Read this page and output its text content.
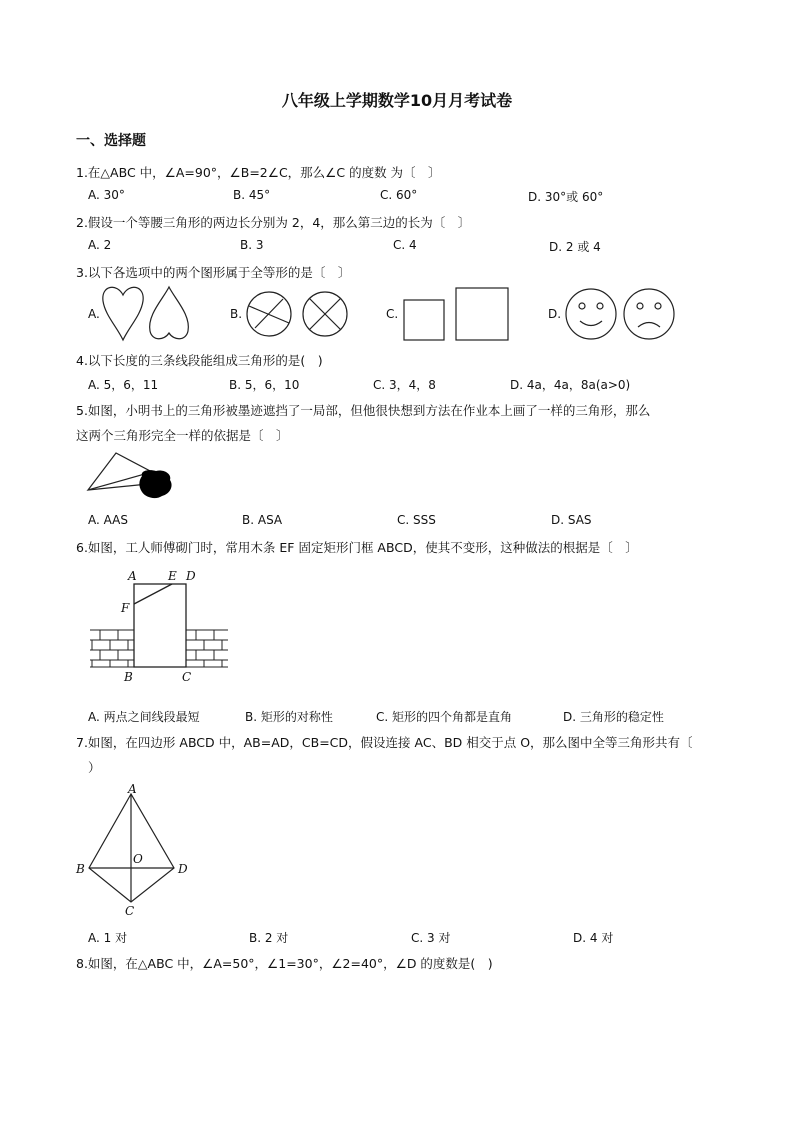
八年级上学期数学10月月考试卷
一、选择题
1.在△ABC 中，∠A=90°，∠B=2∠C，那么∠C 的度数 为〔　〕
A. 30°	B. 45°	C. 60°	D. 30°或 60°
2.假设一个等腰三角形的两边长分别为 2，4，那么第三边的长为〔　〕
A. 2	B. 3	C. 4	D. 2 或 4
3.以下各选项中的两个图形属于全等形的是〔　〕
A.	B.	C.	D.
4.以下长度的三条线段能组成三角形的是(　)
A. 5，6，11	B. 5，6，10	C. 3，4，8	D. 4a，4a，8a(a>0)
5.如图，小明书上的三角形被墨迹遮挡了一局部，但他很快想到方法在作业本上画了一样的三角形，那么
这两个三角形完全一样的依据是〔　〕
A. AAS	B. ASA	C. SSS	D. SAS
6.如图，工人师傅砌门时，常用木条 EF 固定矩形门框 ABCD，使其不变形，这种做法的根据是〔　〕
A	E D
F
B	C
A. 两点之间线段最短	B. 矩形的对称性	C. 矩形的四个角都是直角	D. 三角形的稳定性
7.如图，在四边形 ABCD 中，AB=AD，CB=CD，假设连接 AC、BD 相交于点 O，那么图中全等三角形共有〔
）
A
B	D
O
C
A. 1 对	B. 2 对	C. 3 对	D. 4 对
8.如图，在△ABC 中，∠A=50°，∠1=30°，∠2=40°，∠D 的度数是(　)
